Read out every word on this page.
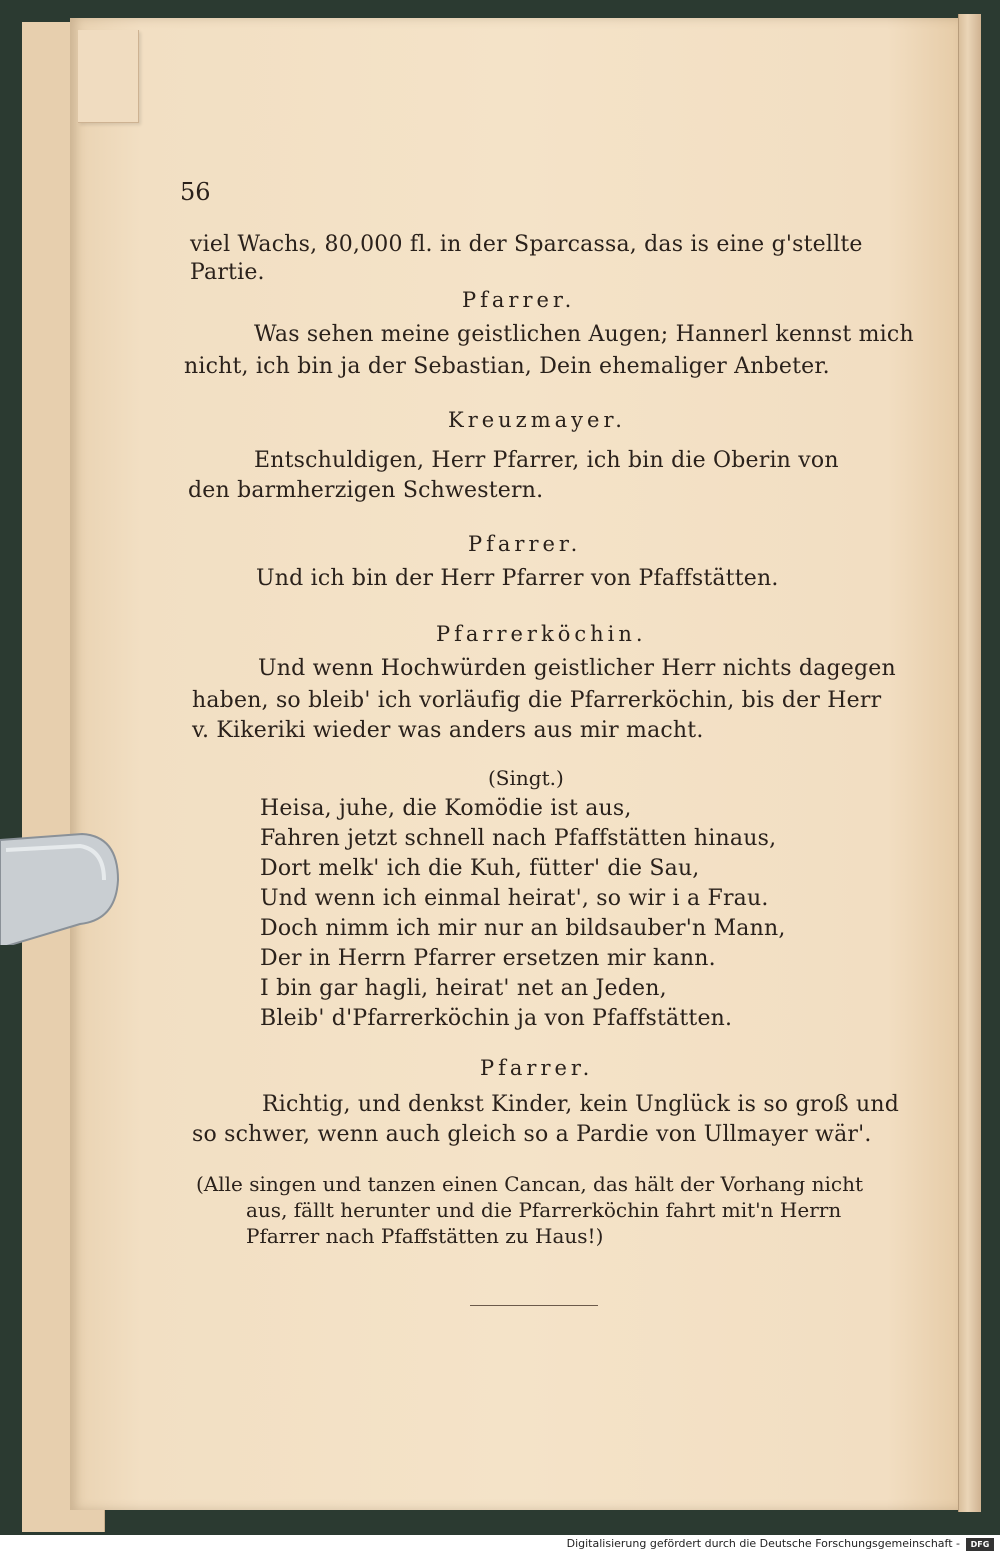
56
viel Wachs, 80,000 fl. in der Sparcassa, das is eine g'stellte
Partie.
Pfarrer.
Was sehen meine geistlichen Augen; Hannerl kennst mich
nicht, ich bin ja der Sebastian, Dein ehemaliger Anbeter.
Kreuzmayer.
Entschuldigen, Herr Pfarrer, ich bin die Oberin von
den barmherzigen Schwestern.
Pfarrer.
Und ich bin der Herr Pfarrer von Pfaffstätten.
Pfarrerköchin.
Und wenn Hochwürden geistlicher Herr nichts dagegen
haben, so bleib' ich vorläufig die Pfarrerköchin, bis der Herr
v. Kikeriki wieder was anders aus mir macht.
(Singt.)
Heisa, juhe, die Komödie ist aus,
Fahren jetzt schnell nach Pfaffstätten hinaus,
Dort melk' ich die Kuh, fütter' die Sau,
Und wenn ich einmal heirat', so wir i a Frau.
Doch nimm ich mir nur an bildsauber'n Mann,
Der in Herrn Pfarrer ersetzen mir kann.
I bin gar hagli, heirat' net an Jeden,
Bleib' d'Pfarrerköchin ja von Pfaffstätten.
Pfarrer.
Richtig, und denkst Kinder, kein Unglück is so groß und
so schwer, wenn auch gleich so a Pardie von Ullmayer wär'.
(Alle singen und tanzen einen Cancan, das hält der Vorhang nicht
aus, fällt herunter und die Pfarrerköchin fahrt mit'n Herrn
Pfarrer nach Pfaffstätten zu Haus!)
Digitalisierung gefördert durch die Deutsche Forschungsgemeinschaft -	DFG
